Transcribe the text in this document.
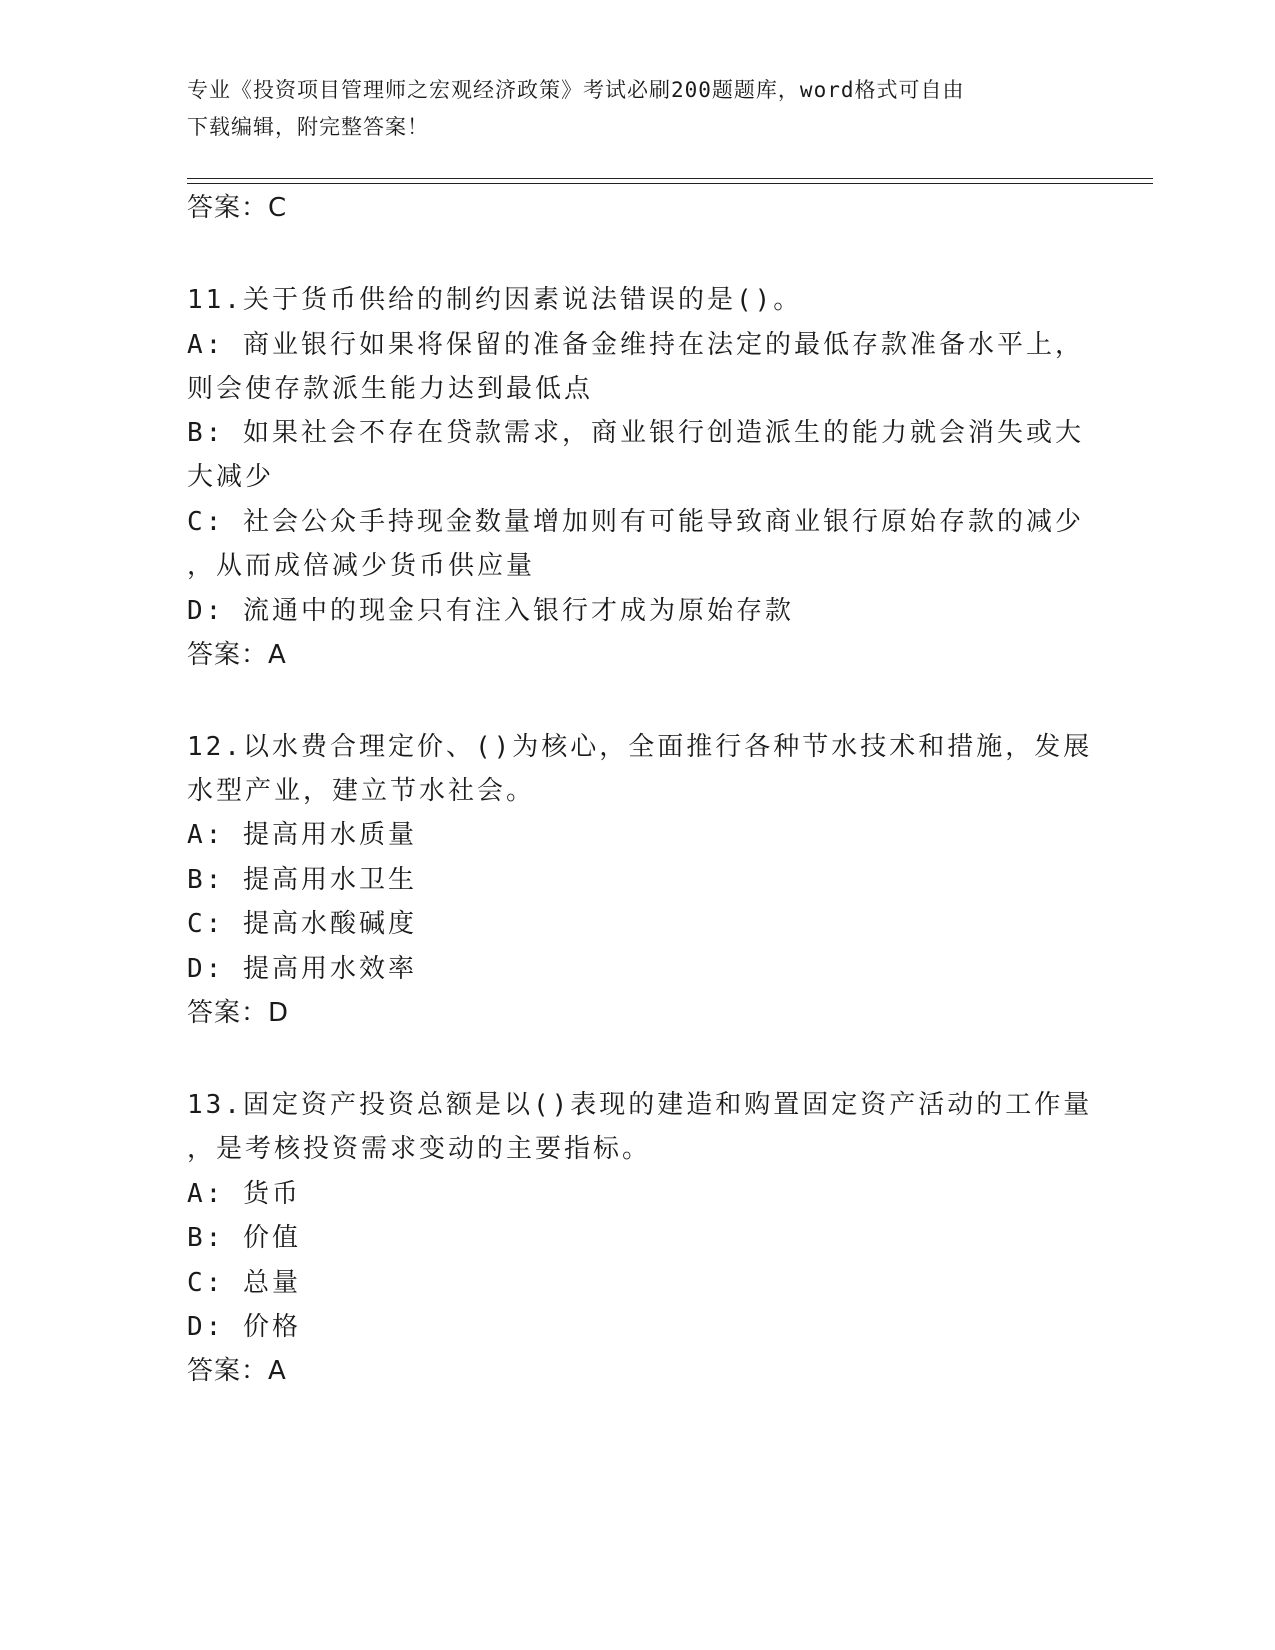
专业《投资项目管理师之宏观经济政策》考试必刷200题题库，word格式可自由
下载编辑，附完整答案！
答案：C
11.关于货币供给的制约因素说法错误的是()。
A: 商业银行如果将保留的准备金维持在法定的最低存款准备水平上，
则会使存款派生能力达到最低点
B: 如果社会不存在贷款需求，商业银行创造派生的能力就会消失或大
大减少
C: 社会公众手持现金数量增加则有可能导致商业银行原始存款的减少
，从而成倍减少货币供应量
D: 流通中的现金只有注入银行才成为原始存款
答案：A
12.以水费合理定价、()为核心，全面推行各种节水技术和措施，发展
水型产业，建立节水社会。
A: 提高用水质量
B: 提高用水卫生
C: 提高水酸碱度
D: 提高用水效率
答案：D
13.固定资产投资总额是以()表现的建造和购置固定资产活动的工作量
，是考核投资需求变动的主要指标。
A: 货币
B: 价值
C: 总量
D: 价格
答案：A
